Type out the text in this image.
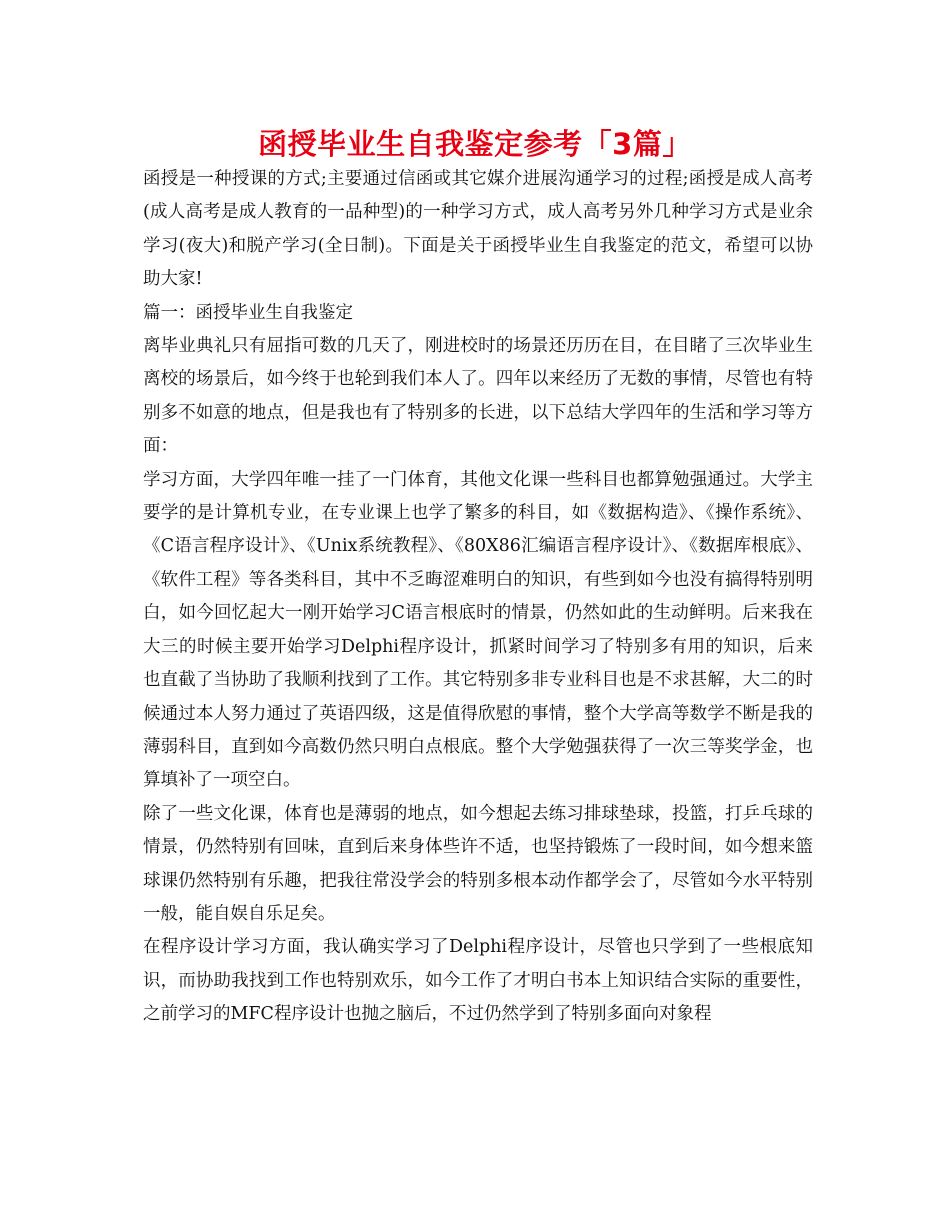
函授毕业生自我鉴定参考「3篇」

函授是一种授课的方式;主要通过信函或其它媒介进展沟通学习的过程;函授是成人高考(成人高考是成人教育的一品种型)的一种学习方式，成人高考另外几种学习方式是业余学习(夜大)和脱产学习(全日制)。下面是关于函授毕业生自我鉴定的范文，希望可以协助大家!

篇一：函授毕业生自我鉴定

离毕业典礼只有屈指可数的几天了，刚进校时的场景还历历在目，在目睹了三次毕业生离校的场景后，如今终于也轮到我们本人了。四年以来经历了无数的事情，尽管也有特别多不如意的地点，但是我也有了特别多的长进，以下总结大学四年的生活和学习等方面：

学习方面，大学四年唯一挂了一门体育，其他文化课一些科目也都算勉强通过。大学主要学的是计算机专业，在专业课上也学了繁多的科目，如《数据构造》、《操作系统》、《C语言程序设计》、《Unix系统教程》、《80X86汇编语言程序设计》、《数据库根底》、《软件工程》等各类科目，其中不乏晦涩难明白的知识，有些到如今也没有搞得特别明白，如今回忆起大一刚开始学习C语言根底时的情景，仍然如此的生动鲜明。后来我在大三的时候主要开始学习Delphi程序设计，抓紧时间学习了特别多有用的知识，后来也直截了当协助了我顺利找到了工作。其它特别多非专业科目也是不求甚解，大二的时候通过本人努力通过了英语四级，这是值得欣慰的事情，整个大学高等数学不断是我的薄弱科目，直到如今高数仍然只明白点根底。整个大学勉强获得了一次三等奖学金，也算填补了一项空白。

除了一些文化课，体育也是薄弱的地点，如今想起去练习排球垫球，投篮，打乒乓球的情景，仍然特别有回味，直到后来身体些许不适，也坚持锻炼了一段时间，如今想来篮球课仍然特别有乐趣，把我往常没学会的特别多根本动作都学会了，尽管如今水平特别一般，能自娱自乐足矣。

在程序设计学习方面，我认确实学习了Delphi程序设计，尽管也只学到了一些根底知识，而协助我找到工作也特别欢乐，如今工作了才明白书本上知识结合实际的重要性，之前学习的MFC程序设计也抛之脑后，不过仍然学到了特别多面向对象程
